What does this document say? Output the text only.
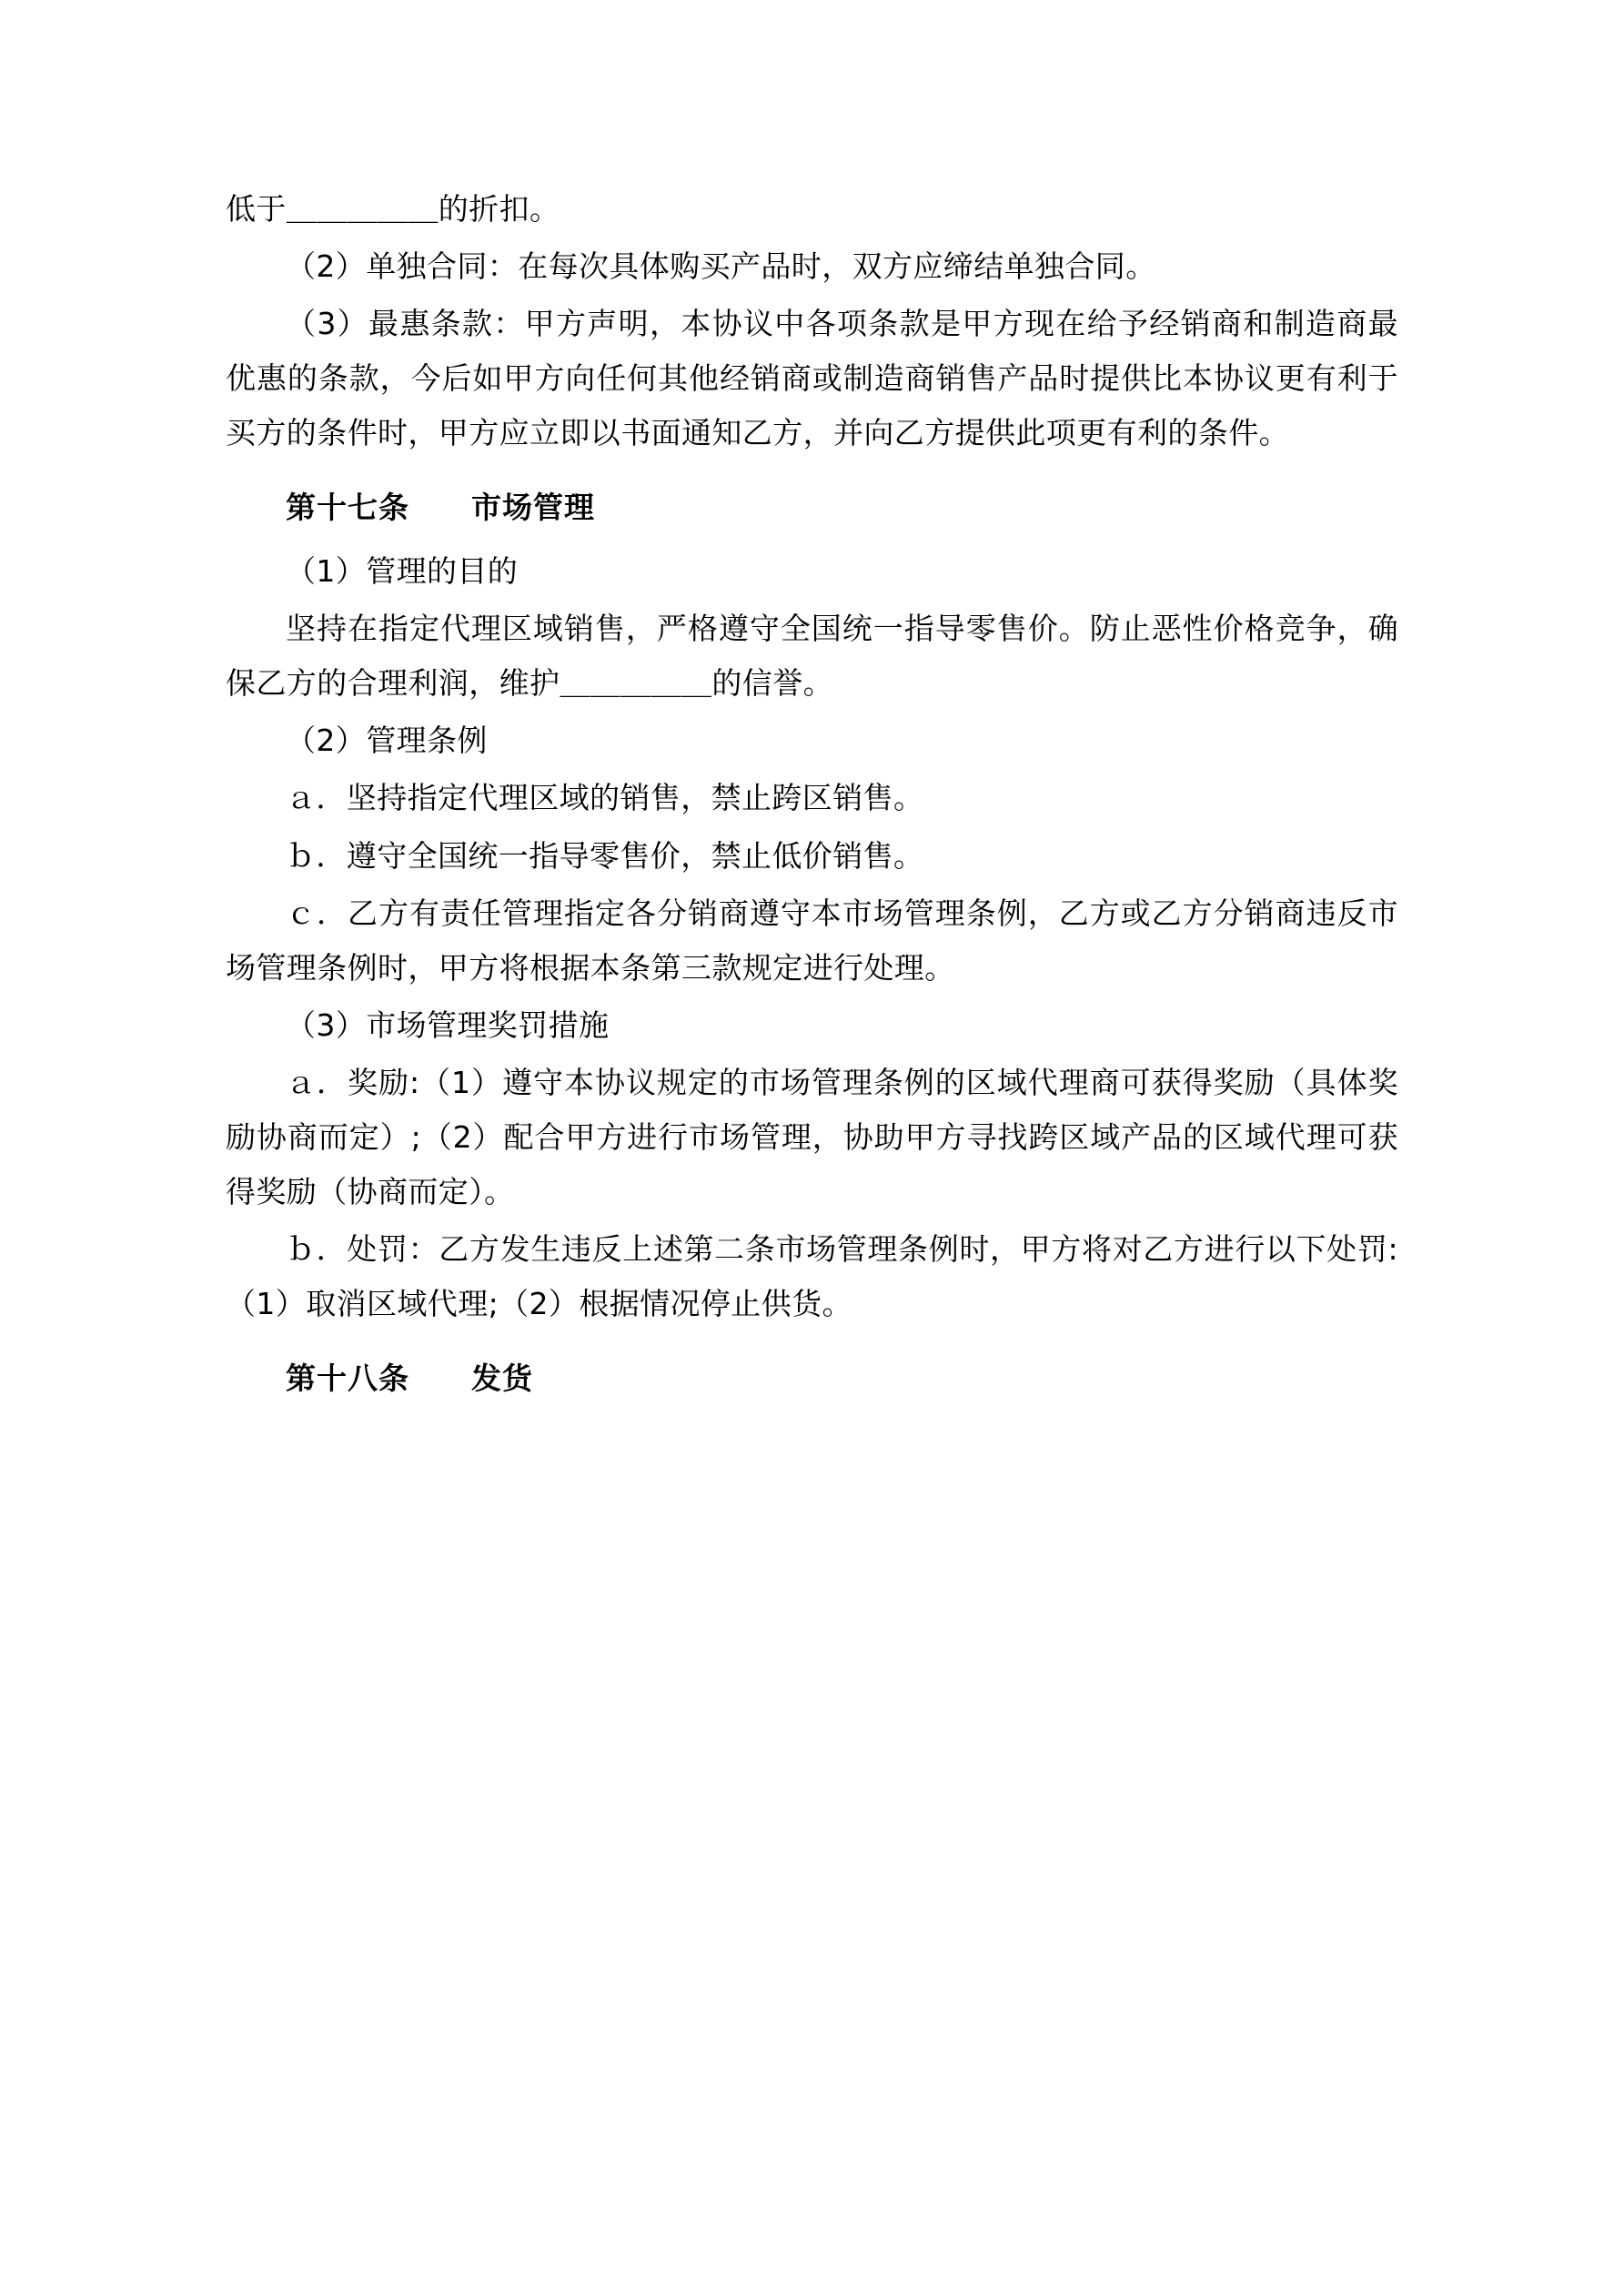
低于＿＿＿＿＿的折扣。

（2）单独合同：在每次具体购买产品时，双方应缔结单独合同。

（3）最惠条款：甲方声明，本协议中各项条款是甲方现在给予经销商和制造商最优惠的条款，今后如甲方向任何其他经销商或制造商销售产品时提供比本协议更有利于买方的条件时，甲方应立即以书面通知乙方，并向乙方提供此项更有利的条件。

第十七条　　市场管理

（1）管理的目的

坚持在指定代理区域销售，严格遵守全国统一指导零售价。防止恶性价格竞争，确保乙方的合理利润，维护＿＿＿＿＿的信誉。

（2）管理条例

ａ．坚持指定代理区域的销售，禁止跨区销售。

ｂ．遵守全国统一指导零售价，禁止低价销售。

ｃ．乙方有责任管理指定各分销商遵守本市场管理条例，乙方或乙方分销商违反市场管理条例时，甲方将根据本条第三款规定进行处理。

（3）市场管理奖罚措施

ａ．奖励:（1）遵守本协议规定的市场管理条例的区域代理商可获得奖励（具体奖励协商而定）;（2）配合甲方进行市场管理，协助甲方寻找跨区域产品的区域代理可获得奖励（协商而定）。

ｂ．处罚：乙方发生违反上述第二条市场管理条例时，甲方将对乙方进行以下处罚:（1）取消区域代理;（2）根据情况停止供货。

第十八条　　发货
